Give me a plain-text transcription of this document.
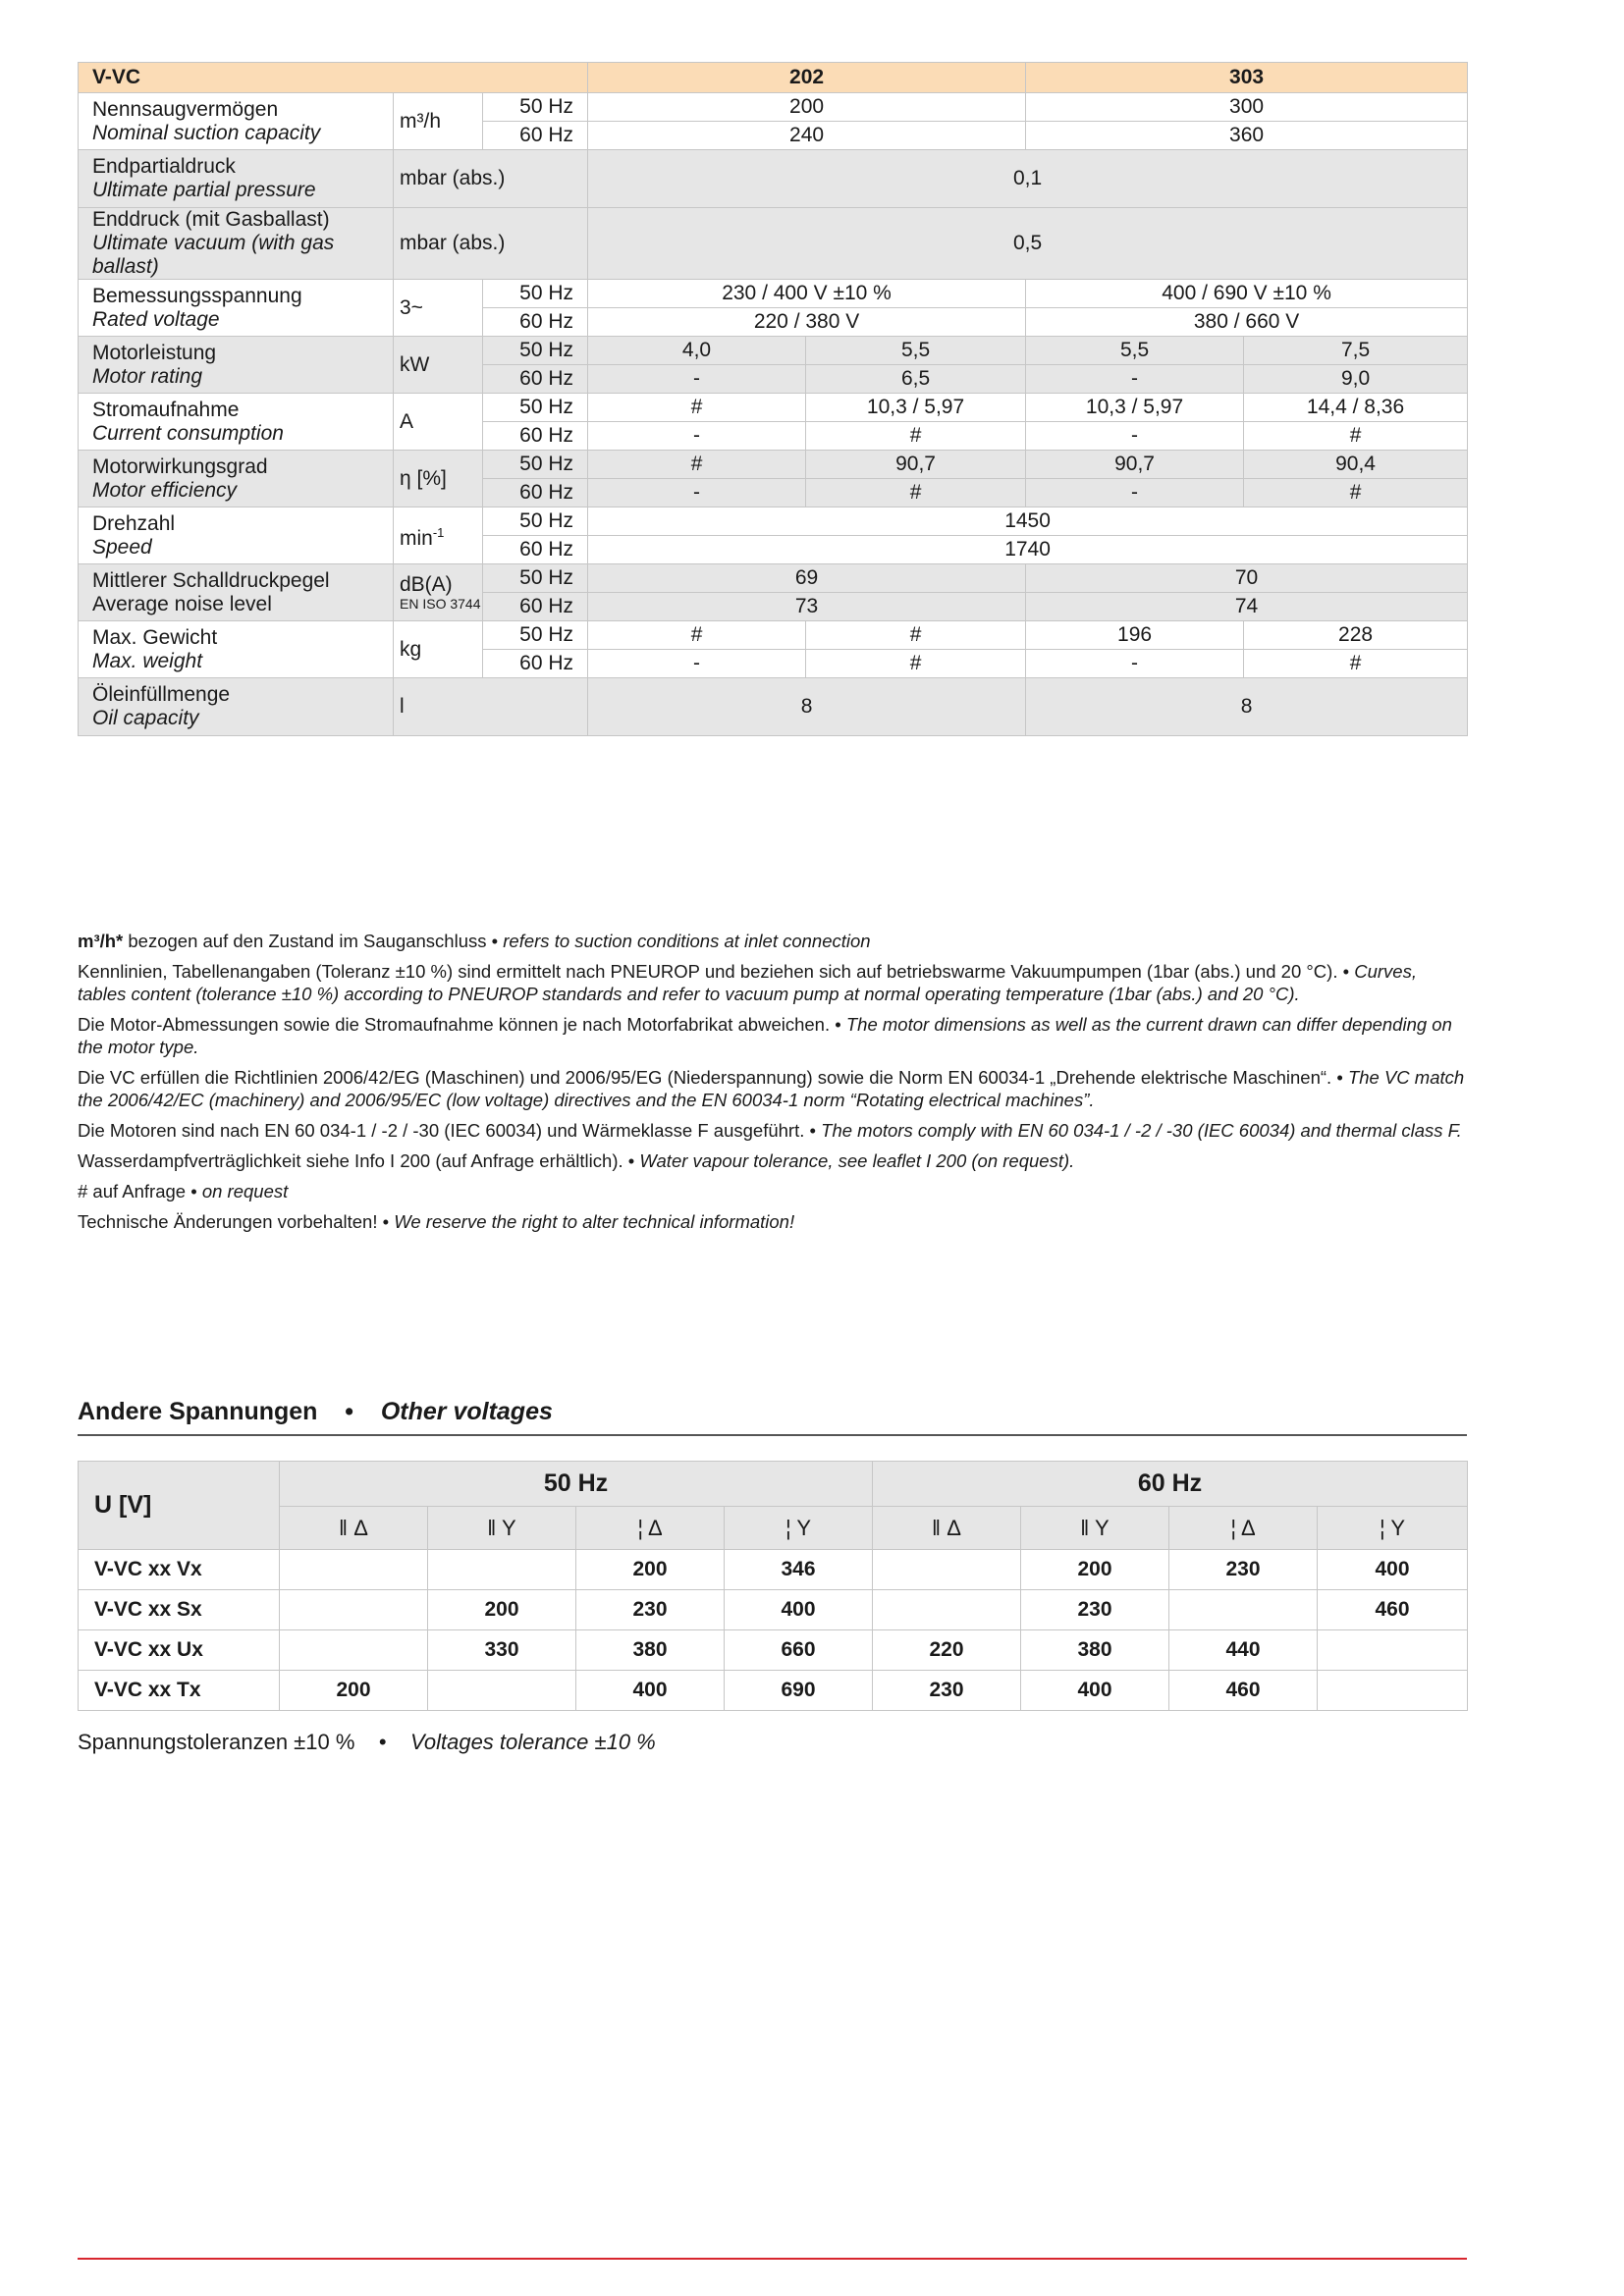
V-VC			202		303	

Nennsaugvermögen
Nominal suction capacity	m³/h	50 Hz	200		300	
		60 Hz	240		360	

Endpartialdruck
Ultimate partial pressure	mbar (abs.)		0,1			

Enddruck (mit Gasballast)
Ultimate vacuum (with gas ballast)	mbar (abs.)		0,5			

Bemessungsspannung
Rated voltage	3~	50 Hz	230 / 400 V ±10 %		400 / 690 V ±10 %	
		60 Hz	220 / 380 V		380 / 660 V	

Motorleistung
Motor rating	kW	50 Hz	4,0	5,5	5,5	7,5
		60 Hz	-	6,5	-	9,0

Stromaufnahme
Current consumption	A	50 Hz	#	10,3 / 5,97	10,3 / 5,97	14,4 / 8,36
		60 Hz	-	#	-	#

Motorwirkungsgrad
Motor efficiency	η [%]	50 Hz	#	90,7	90,7	90,4
		60 Hz	-	#	-	#

Drehzahl
Speed	$\min^{-1}$	50 Hz	1450			
		60 Hz	1740			

Mittlerer Schalldruckpegel
Average noise level	dB(A)
EN ISO 3744	50 Hz	69		70	
		60 Hz	73		74	

Max. Gewicht
Max. weight	kg	50 Hz	#	#	196	228
		60 Hz	-	#	-	#

Öleinfüllmenge
Oil capacity	l		8		8	

m³/h* bezogen auf den Zustand im Sauganschluss • refers to suction conditions at inlet connection

Kennlinien, Tabellenangaben (Toleranz ±10 %) sind ermittelt nach PNEUROP und beziehen sich auf betriebswarme Vakuumpumpen (1bar (abs.) und 20 °C). • Curves, tables content (tolerance ±10 %) according to PNEUROP standards and refer to vacuum pump at normal operating temperature (1bar (abs.) and 20 °C).

Die Motor-Abmessungen sowie die Stromaufnahme können je nach Motorfabrikat abweichen. • The motor dimensions as well as the current drawn can differ depending on the motor type.

Die VC erfüllen die Richtlinien 2006/42/EG (Maschinen) und 2006/95/EG (Niederspannung) sowie die Norm EN 60034-1 „Drehende elektrische Maschinen“. • The VC match the 2006/42/EC (machinery) and 2006/95/EC (low voltage) directives and the EN 60034-1 norm “Rotating electrical machines”.

Die Motoren sind nach EN 60 034-1 / -2 / -30 (IEC 60034) und Wärmeklasse F ausgeführt. • The motors comply with EN 60 034-1 / -2 / -30 (IEC 60034) and thermal class F.

Wasserdampfverträglichkeit siehe Info I 200 (auf Anfrage erhältlich). • Water vapour tolerance, see leaflet I 200 (on request).

# auf Anfrage • on request

Technische Änderungen vorbehalten! • We reserve the right to alter technical information!

Andere Spannungen • Other voltages
U [V]	50 Hz				60 Hz			
	ǁ Δ	ǁ Y	¦ Δ	¦ Y	ǁ Δ	ǁ Y	¦ Δ	¦ Y
V-VC xx Vx			200	346		200	230	400
V-VC xx Sx		200	230	400		230		460
V-VC xx Ux		330	380	660	220	380	440	
V-VC xx Tx	200		400	690	230	400	460	
Spannungstoleranzen ±10 % • Voltages tolerance ±10 %
